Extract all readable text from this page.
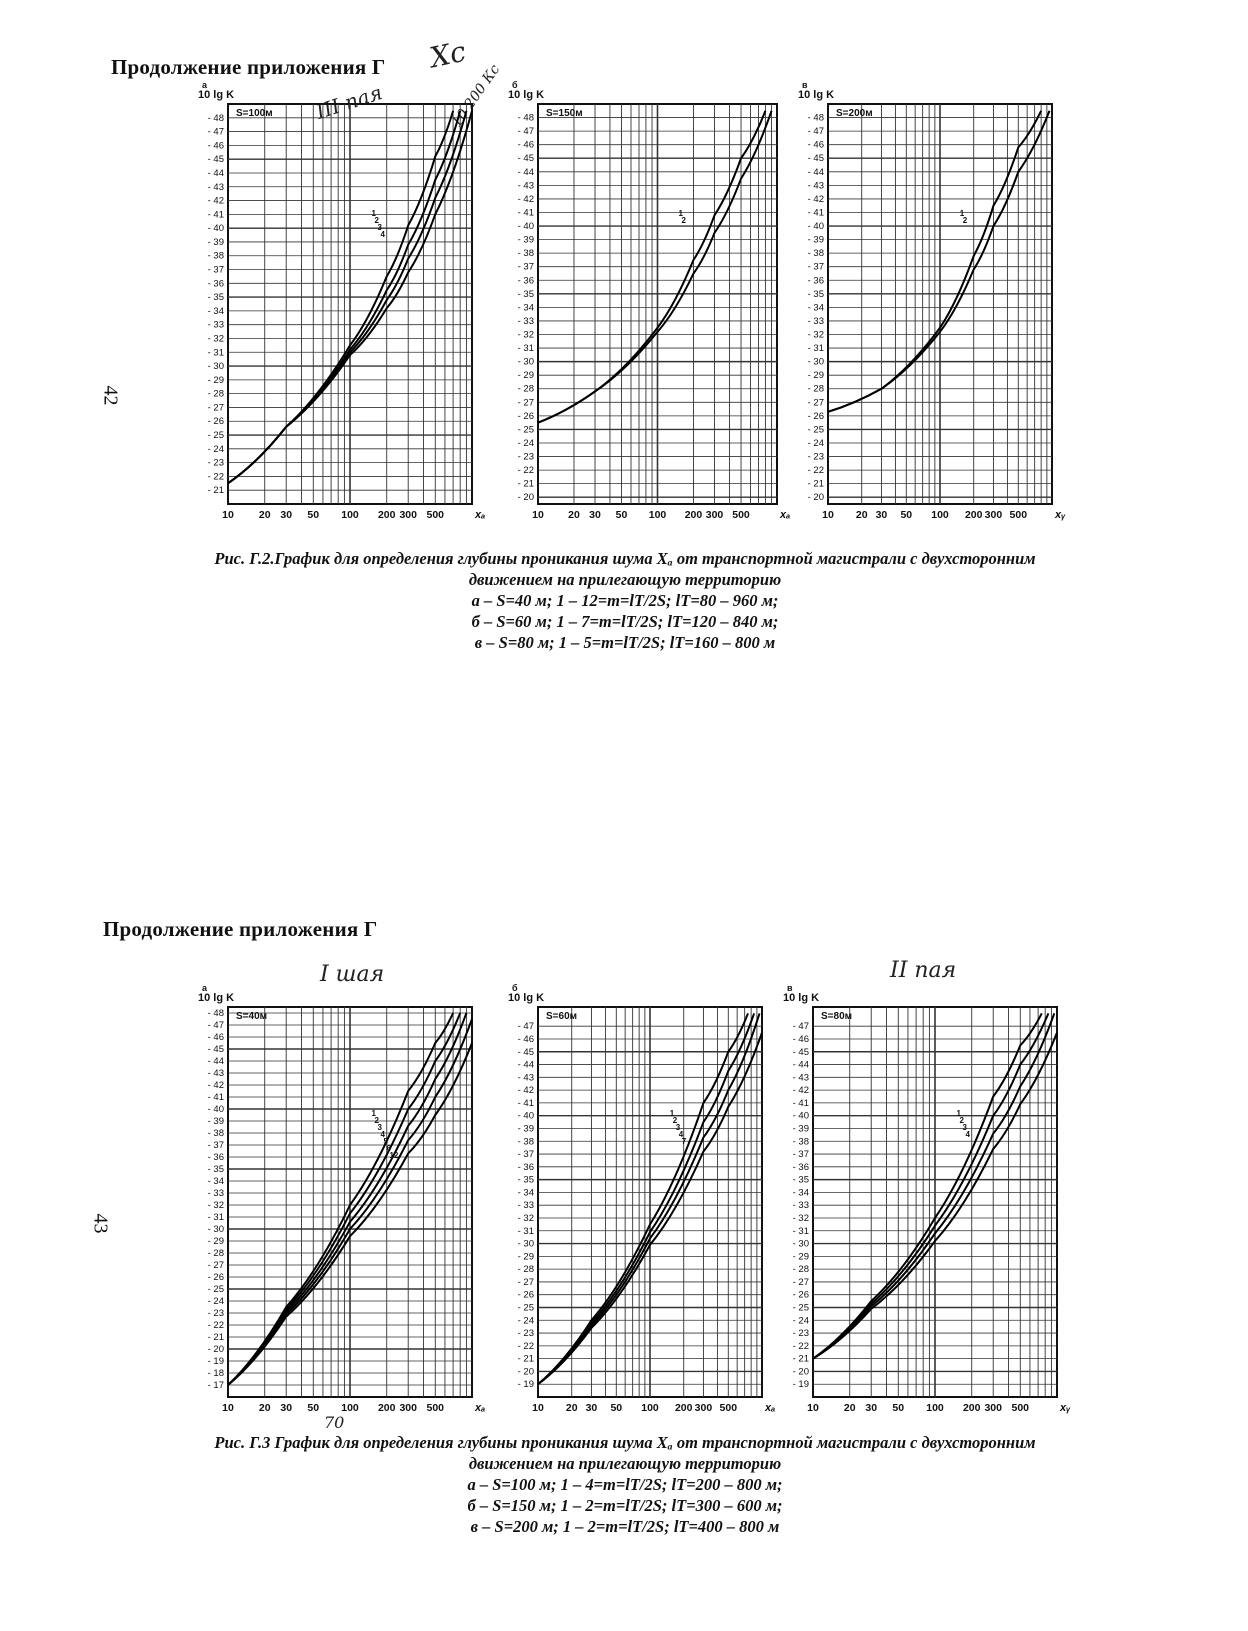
Продолжение приложения Г Хс
III пая	10 200 Кс
42
- 21
- 22
- 23
- 24
- 25
- 26
- 27
- 28
- 29
- 30
- 31
- 32
- 33
- 34
- 35
- 36
- 37
- 38
- 39
- 40
- 41
- 42
- 43
- 44
- 45
- 46
- 47
- 48
10 20 30 50 100 200 300 500	xₐ
10 lg K
а
S=100м
1
2
3
4
- 20
- 21
- 22
- 23
- 24
- 25
- 26
- 27
- 28
- 29
- 30
- 31
- 32
- 33
- 34
- 35
- 36
- 37
- 38
- 39
- 40
- 41
- 42
- 43
- 44
- 45
- 46
- 47
- 48
10 20 30 50 100 200 300 500	xₐ
10 lg K
б
S=150м
1
2
- 20
- 21
- 22
- 23
- 24
- 25
- 26
- 27
- 28
- 29
- 30
- 31
- 32
- 33
- 34
- 35
- 36
- 37
- 38
- 39
- 40
- 41
- 42
- 43
- 44
- 45
- 46
- 47
- 48
10 20 30 50 100 200 300 500	xᵧ
10 lg K
в
S=200м
1
2
Рис. Г.2.График для определения глубины проникания шума Xₐ от транспортной магистрали с двухсторонним
движением на прилегающую территорию
а – S=40 м; 1 – 12=m=lT/2S; lT=80 – 960 м;
б – S=60 м; 1 – 7=m=lT/2S; lT=120 – 840 м;
в – S=80 м; 1 – 5=m=lT/2S; lT=160 – 800 м
Продолжение приложения Г
I шая	II пая
70
43
- 17
- 18
- 19
- 20
- 21
- 22
- 23
- 24
- 25
- 26
- 27
- 28
- 29
- 30
- 31
- 32
- 33
- 34
- 35
- 36
- 37
- 38
- 39
- 40
- 41
- 42
- 43
- 44
- 45
- 46
- 47
- 48
10 20 30 50 100 200 300 500	xₐ
10 lg K
а
S=40м
1
2
3
4
5
6
12
- 19
- 20
- 21
- 22
- 23
- 24
- 25
- 26
- 27
- 28
- 29
- 30
- 31
- 32
- 33
- 34
- 35
- 36
- 37
- 38
- 39
- 40
- 41
- 42
- 43
- 44
- 45
- 46
- 47
10 20 30 50 100 200 300 500	xₐ
10 lg K
б
S=60м
1
2
3
4
7
- 19
- 20
- 21
- 22
- 23
- 24
- 25
- 26
- 27
- 28
- 29
- 30
- 31
- 32
- 33
- 34
- 35
- 36
- 37
- 38
- 39
- 40
- 41
- 42
- 43
- 44
- 45
- 46
- 47
10 20 30 50 100 200 300 500	xᵧ
10 lg K
в
S=80м
1
2
3
4
Рис. Г.3 График для определения глубины проникания шума Xₐ от транспортной магистрали с двухсторонним
движением на прилегающую территорию
а – S=100 м; 1 – 4=m=lT/2S; lT=200 – 800 м;
б – S=150 м; 1 – 2=m=lT/2S; lT=300 – 600 м;
в – S=200 м; 1 – 2=m=lT/2S; lT=400 – 800 м
